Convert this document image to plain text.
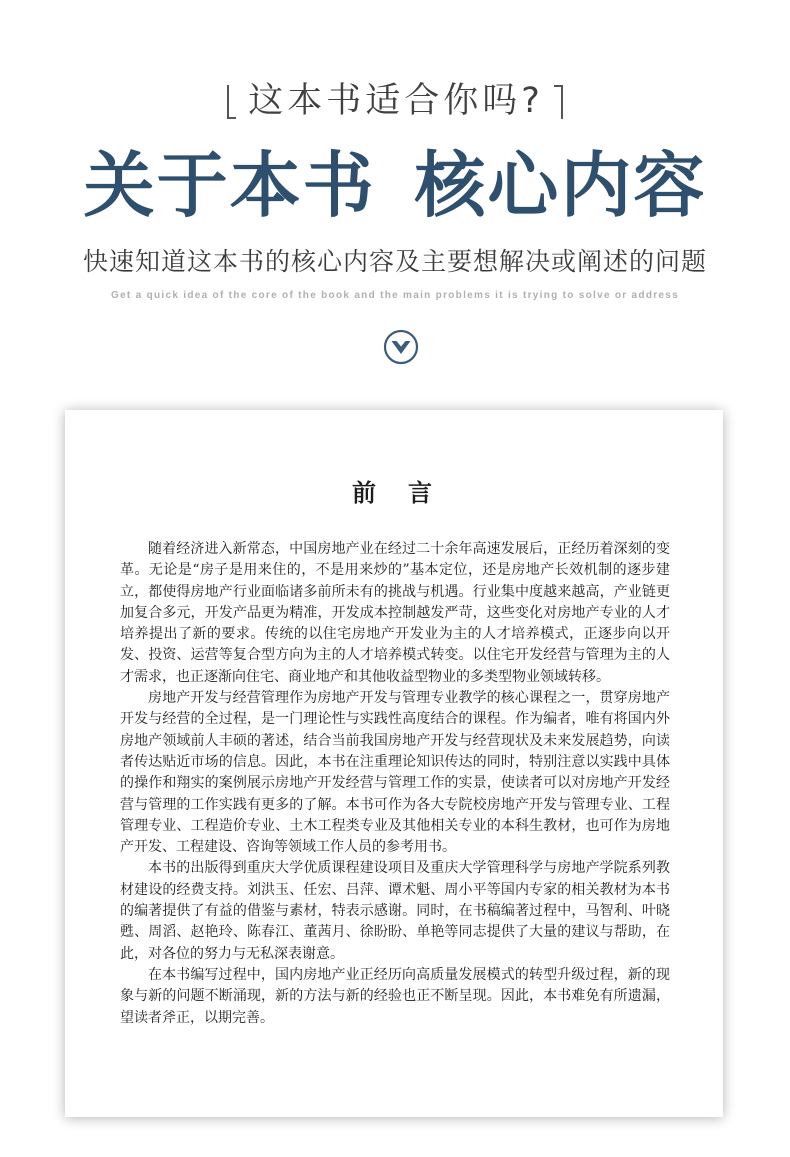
这本书适合你吗?
关于本书 核心内容
快速知道这本书的核心内容及主要想解决或阐述的问题
Get a quick idea of the core of the book and the main problems it is trying to solve or address
前　言
随着经济进入新常态，中国房地产业在经过二十余年高速发展后，正经历着深刻的变
革。无论是“房子是用来住的，不是用来炒的”基本定位，还是房地产长效机制的逐步建
立，都使得房地产行业面临诸多前所未有的挑战与机遇。行业集中度越来越高，产业链更
加复合多元，开发产品更为精准，开发成本控制越发严苛，这些变化对房地产专业的人才
培养提出了新的要求。传统的以住宅房地产开发业为主的人才培养模式，正逐步向以开
发、投资、运营等复合型方向为主的人才培养模式转变。以住宅开发经营与管理为主的人
才需求，也正逐渐向住宅、商业地产和其他收益型物业的多类型物业领域转移。
房地产开发与经营管理作为房地产开发与管理专业教学的核心课程之一，贯穿房地产
开发与经营的全过程，是一门理论性与实践性高度结合的课程。作为编者，唯有将国内外
房地产领域前人丰硕的著述，结合当前我国房地产开发与经营现状及未来发展趋势，向读
者传达贴近市场的信息。因此，本书在注重理论知识传达的同时，特别注意以实践中具体
的操作和翔实的案例展示房地产开发经营与管理工作的实景，使读者可以对房地产开发经
营与管理的工作实践有更多的了解。本书可作为各大专院校房地产开发与管理专业、工程
管理专业、工程造价专业、土木工程类专业及其他相关专业的本科生教材，也可作为房地
产开发、工程建设、咨询等领域工作人员的参考用书。
本书的出版得到重庆大学优质课程建设项目及重庆大学管理科学与房地产学院系列教
材建设的经费支持。刘洪玉、任宏、吕萍、谭术魁、周小平等国内专家的相关教材为本书
的编著提供了有益的借鉴与素材，特表示感谢。同时，在书稿编著过程中，马智利、叶晓
甦、周滔、赵艳玲、陈春江、董茜月、徐盼盼、单艳等同志提供了大量的建议与帮助，在
此，对各位的努力与无私深表谢意。
在本书编写过程中，国内房地产业正经历向高质量发展模式的转型升级过程，新的现
象与新的问题不断涌现，新的方法与新的经验也正不断呈现。因此，本书难免有所遗漏，
望读者斧正，以期完善。
